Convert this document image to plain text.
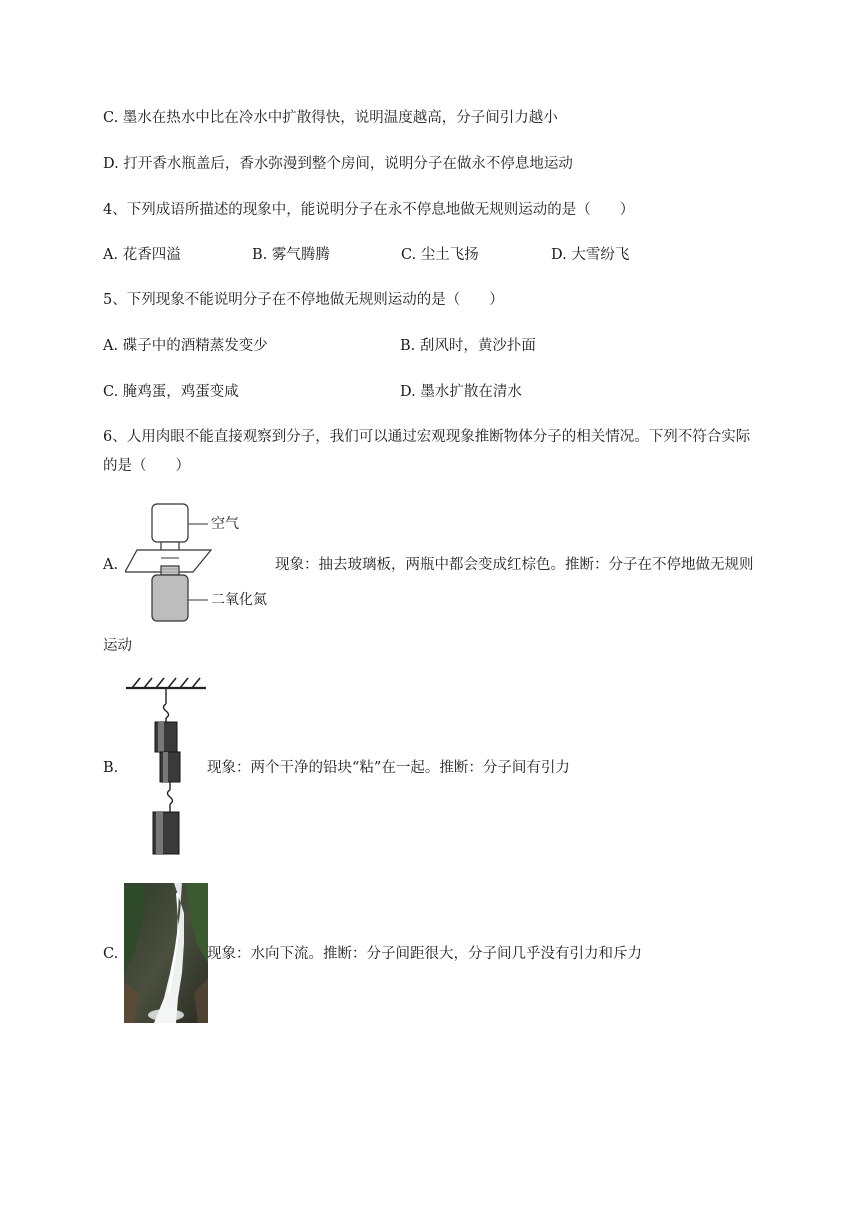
C. 墨水在热水中比在冷水中扩散得快，说明温度越高，分子间引力越小
D. 打开香水瓶盖后，香水弥漫到整个房间，说明分子在做永不停息地运动
4、下列成语所描述的现象中，能说明分子在永不停息地做无规则运动的是（　　）
A. 花香四溢	B. 雾气腾腾	C. 尘土飞扬	D. 大雪纷飞
5、下列现象不能说明分子在不停地做无规则运动的是（　　）
A. 碟子中的酒精蒸发变少	B. 刮风时，黄沙扑面
C. 腌鸡蛋，鸡蛋变咸	D. 墨水扩散在清水
6、人用肉眼不能直接观察到分子，我们可以通过宏观现象推断物体分子的相关情况。下列不符合实际
的是（　　）
A.
空气
二氧化氮
现象：抽去玻璃板，两瓶中都会变成红棕色。推断：分子在不停地做无规则
运动
B.	现象：两个干净的铅块“粘”在一起。推断：分子间有引力
C.	现象：水向下流。推断：分子间距很大，分子间几乎没有引力和斥力
